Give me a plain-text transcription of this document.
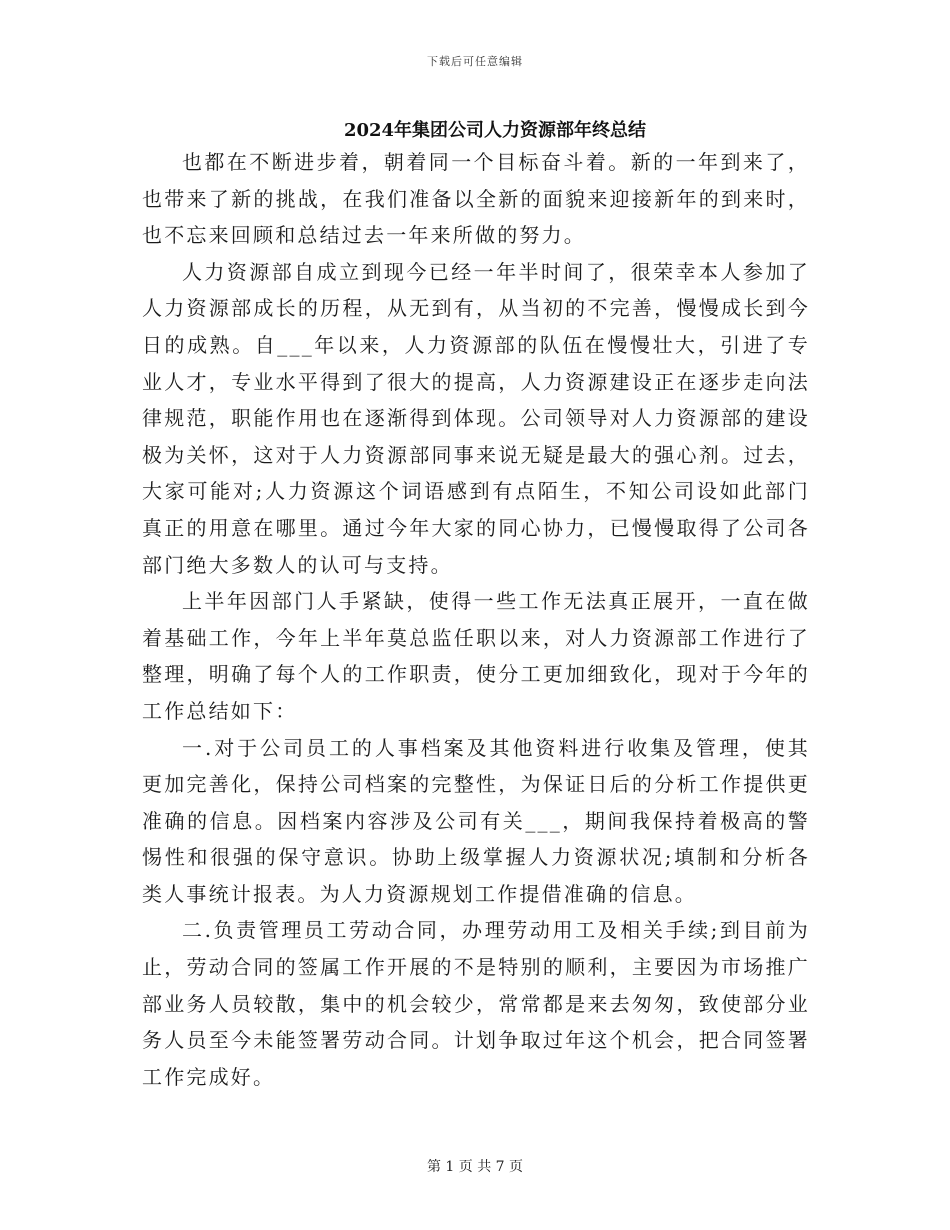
下载后可任意编辑
2024年集团公司人力资源部年终总结

也都在不断进步着，朝着同一个目标奋斗着。新的一年到来了，也带来了新的挑战，在我们准备以全新的面貌来迎接新年的到来时，也不忘来回顾和总结过去一年来所做的努力。

人力资源部自成立到现今已经一年半时间了，很荣幸本人参加了人力资源部成长的历程，从无到有，从当初的不完善，慢慢成长到今日的成熟。自___年以来，人力资源部的队伍在慢慢壮大，引进了专业人才，专业水平得到了很大的提高，人力资源建设正在逐步走向法律规范，职能作用也在逐渐得到体现。公司领导对人力资源部的建设极为关怀，这对于人力资源部同事来说无疑是最大的强心剂。过去，大家可能对;人力资源这个词语感到有点陌生，不知公司设如此部门真正的用意在哪里。通过今年大家的同心协力，已慢慢取得了公司各部门绝大多数人的认可与支持。

上半年因部门人手紧缺，使得一些工作无法真正展开，一直在做着基础工作，今年上半年莫总监任职以来，对人力资源部工作进行了整理，明确了每个人的工作职责，使分工更加细致化，现对于今年的工作总结如下：

一.对于公司员工的人事档案及其他资料进行收集及管理，使其更加完善化，保持公司档案的完整性，为保证日后的分析工作提供更准确的信息。因档案内容涉及公司有关___，期间我保持着极高的警惕性和很强的保守意识。协助上级掌握人力资源状况;填制和分析各类人事统计报表。为人力资源规划工作提借准确的信息。

二.负责管理员工劳动合同，办理劳动用工及相关手续;到目前为止，劳动合同的签属工作开展的不是特别的顺利，主要因为市场推广部业务人员较散，集中的机会较少，常常都是来去匆匆，致使部分业务人员至今未能签署劳动合同。计划争取过年这个机会，把合同签署工作完成好。

第 1 页 共 7 页
